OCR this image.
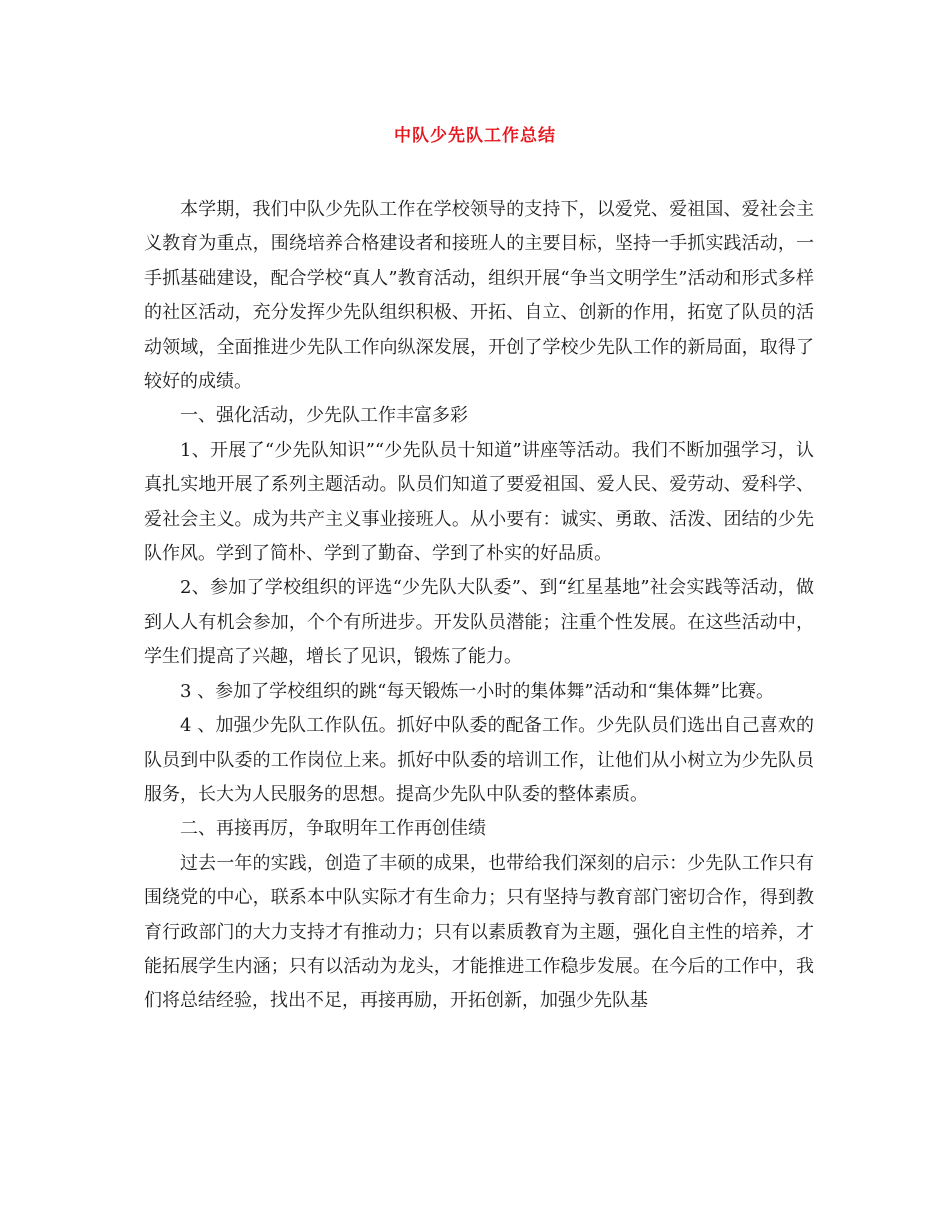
中队少先队工作总结

本学期，我们中队少先队工作在学校领导的支持下，以爱党、爱祖国、爱社会主义教育为重点，围绕培养合格建设者和接班人的主要目标，坚持一手抓实践活动，一手抓基础建设，配合学校“真人”教育活动，组织开展“争当文明学生”活动和形式多样的社区活动，充分发挥少先队组织积极、开拓、自立、创新的作用，拓宽了队员的活动领域，全面推进少先队工作向纵深发展，开创了学校少先队工作的新局面，取得了较好的成绩。

一、强化活动，少先队工作丰富多彩

1、开展了“少先队知识”“少先队员十知道”讲座等活动。我们不断加强学习，认真扎实地开展了系列主题活动。队员们知道了要爱祖国、爱人民、爱劳动、爱科学、爱社会主义。成为共产主义事业接班人。从小要有：诚实、勇敢、活泼、团结的少先队作风。学到了简朴、学到了勤奋、学到了朴实的好品质。

2、参加了学校组织的评选“少先队大队委”、到“红星基地”社会实践等活动，做到人人有机会参加，个个有所进步。开发队员潜能；注重个性发展。在这些活动中，学生们提高了兴趣，增长了见识，锻炼了能力。

3 、参加了学校组织的跳“每天锻炼一小时的集体舞”活动和“集体舞”比赛。

4 、加强少先队工作队伍。抓好中队委的配备工作。少先队员们选出自己喜欢的队员到中队委的工作岗位上来。抓好中队委的培训工作，让他们从小树立为少先队员服务，长大为人民服务的思想。提高少先队中队委的整体素质。

二、再接再厉，争取明年工作再创佳绩

过去一年的实践，创造了丰硕的成果，也带给我们深刻的启示：少先队工作只有围绕党的中心，联系本中队实际才有生命力；只有坚持与教育部门密切合作，得到教育行政部门的大力支持才有推动力；只有以素质教育为主题，强化自主性的培养，才能拓展学生内涵；只有以活动为龙头，才能推进工作稳步发展。在今后的工作中，我们将总结经验，找出不足，再接再励，开拓创新，加强少先队基
